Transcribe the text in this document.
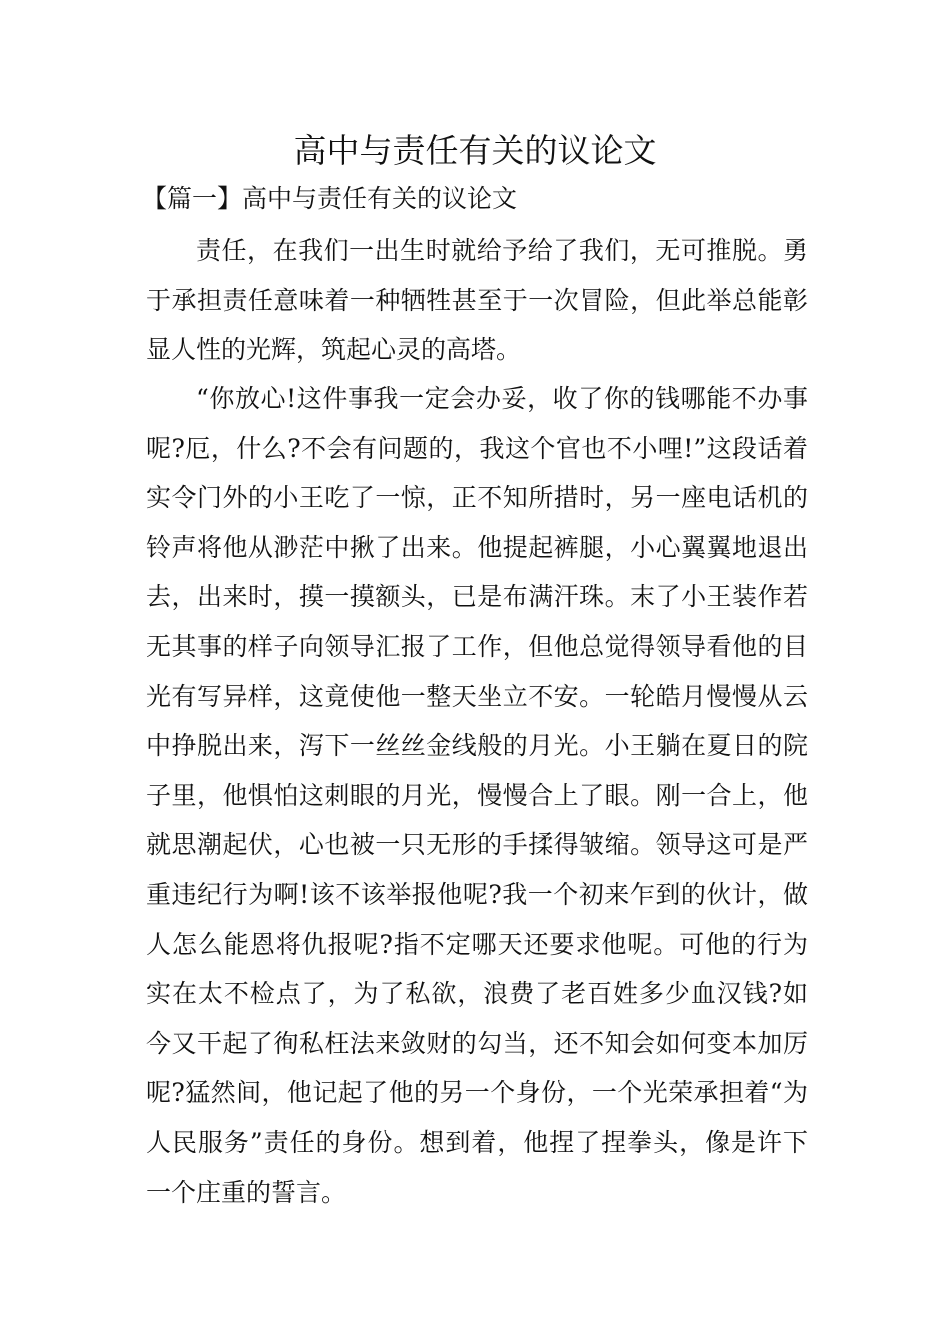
高中与责任有关的议论文

【篇一】高中与责任有关的议论文

责任，在我们一出生时就给予给了我们，无可推脱。勇于承担责任意味着一种牺牲甚至于一次冒险，但此举总能彰显人性的光辉，筑起心灵的高塔。

“你放心!这件事我一定会办妥，收了你的钱哪能不办事呢?厄，什么?不会有问题的，我这个官也不小哩!”这段话着实令门外的小王吃了一惊，正不知所措时，另一座电话机的铃声将他从渺茫中揪了出来。他提起裤腿，小心翼翼地退出去，出来时，摸一摸额头，已是布满汗珠。末了小王装作若无其事的样子向领导汇报了工作，但他总觉得领导看他的目光有写异样，这竟使他一整天坐立不安。一轮皓月慢慢从云中挣脱出来，泻下一丝丝金线般的月光。小王躺在夏日的院子里，他惧怕这刺眼的月光，慢慢合上了眼。刚一合上，他就思潮起伏，心也被一只无形的手揉得皱缩。领导这可是严重违纪行为啊!该不该举报他呢?我一个初来乍到的伙计，做人怎么能恩将仇报呢?指不定哪天还要求他呢。可他的行为实在太不检点了，为了私欲，浪费了老百姓多少血汉钱?如今又干起了徇私枉法来敛财的勾当，还不知会如何变本加厉呢?猛然间，他记起了他的另一个身份，一个光荣承担着“为人民服务”责任的身份。想到着，他捏了捏拳头，像是许下一个庄重的誓言。
